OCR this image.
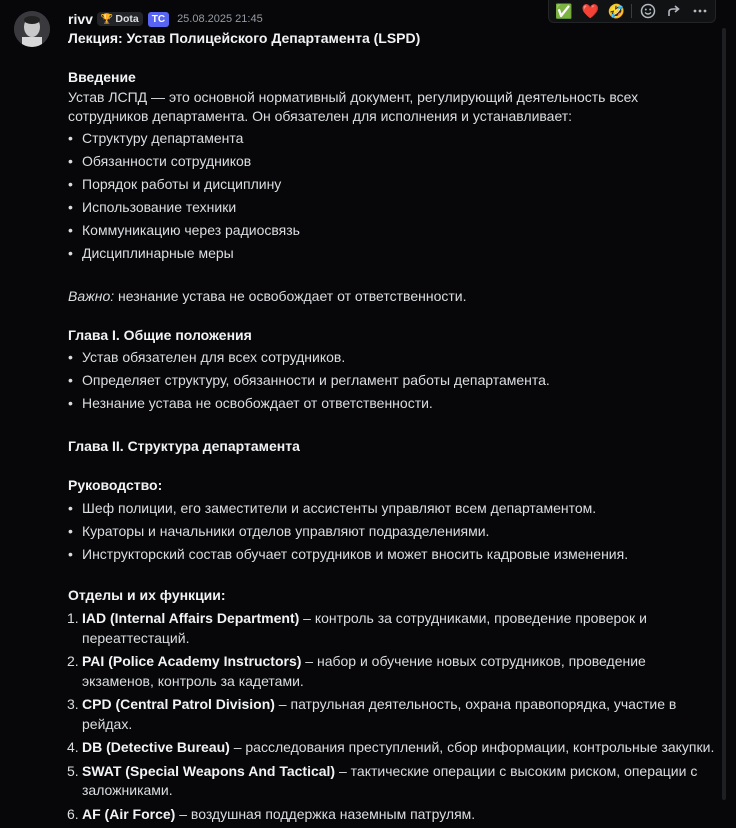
rivv 🏆 Dota	TC	25.08.2025 21:45
✅ ❤️ 🤣

Лекция: Устав Полицейского Департамента (LSPD)

Введение

Устав ЛСПД — это основной нормативный документ, регулирующий деятельность всех сотрудников департамента. Он обязателен для исполнения и устанавливает:

• Структуру департамента
• Обязанности сотрудников
• Порядок работы и дисциплину
• Использование техники
• Коммуникацию через радиосвязь
• Дисциплинарные меры

Важно: незнание устава не освобождает от ответственности.

Глава I. Общие положения

• Устав обязателен для всех сотрудников.
• Определяет структуру, обязанности и регламент работы департамента.
• Незнание устава не освобождает от ответственности.

Глава II. Структура департамента

Руководство:

• Шеф полиции, его заместители и ассистенты управляют всем департаментом.
• Кураторы и начальники отделов управляют подразделениями.
• Инструкторский состав обучает сотрудников и может вносить кадровые изменения.

Отделы и их функции:

1. IAD (Internal Affairs Department) – контроль за сотрудниками, проведение проверок и переаттестаций.
2. PAI (Police Academy Instructors) – набор и обучение новых сотрудников, проведение экзаменов, контроль за кадетами.
3. CPD (Central Patrol Division) – патрульная деятельность, охрана правопорядка, участие в рейдах.
4. DB (Detective Bureau) – расследования преступлений, сбор информации, контрольные закупки.
5. SWAT (Special Weapons And Tactical) – тактические операции с высоким риском, операции с заложниками.
6. AF (Air Force) – воздушная поддержка наземным патрулям.
